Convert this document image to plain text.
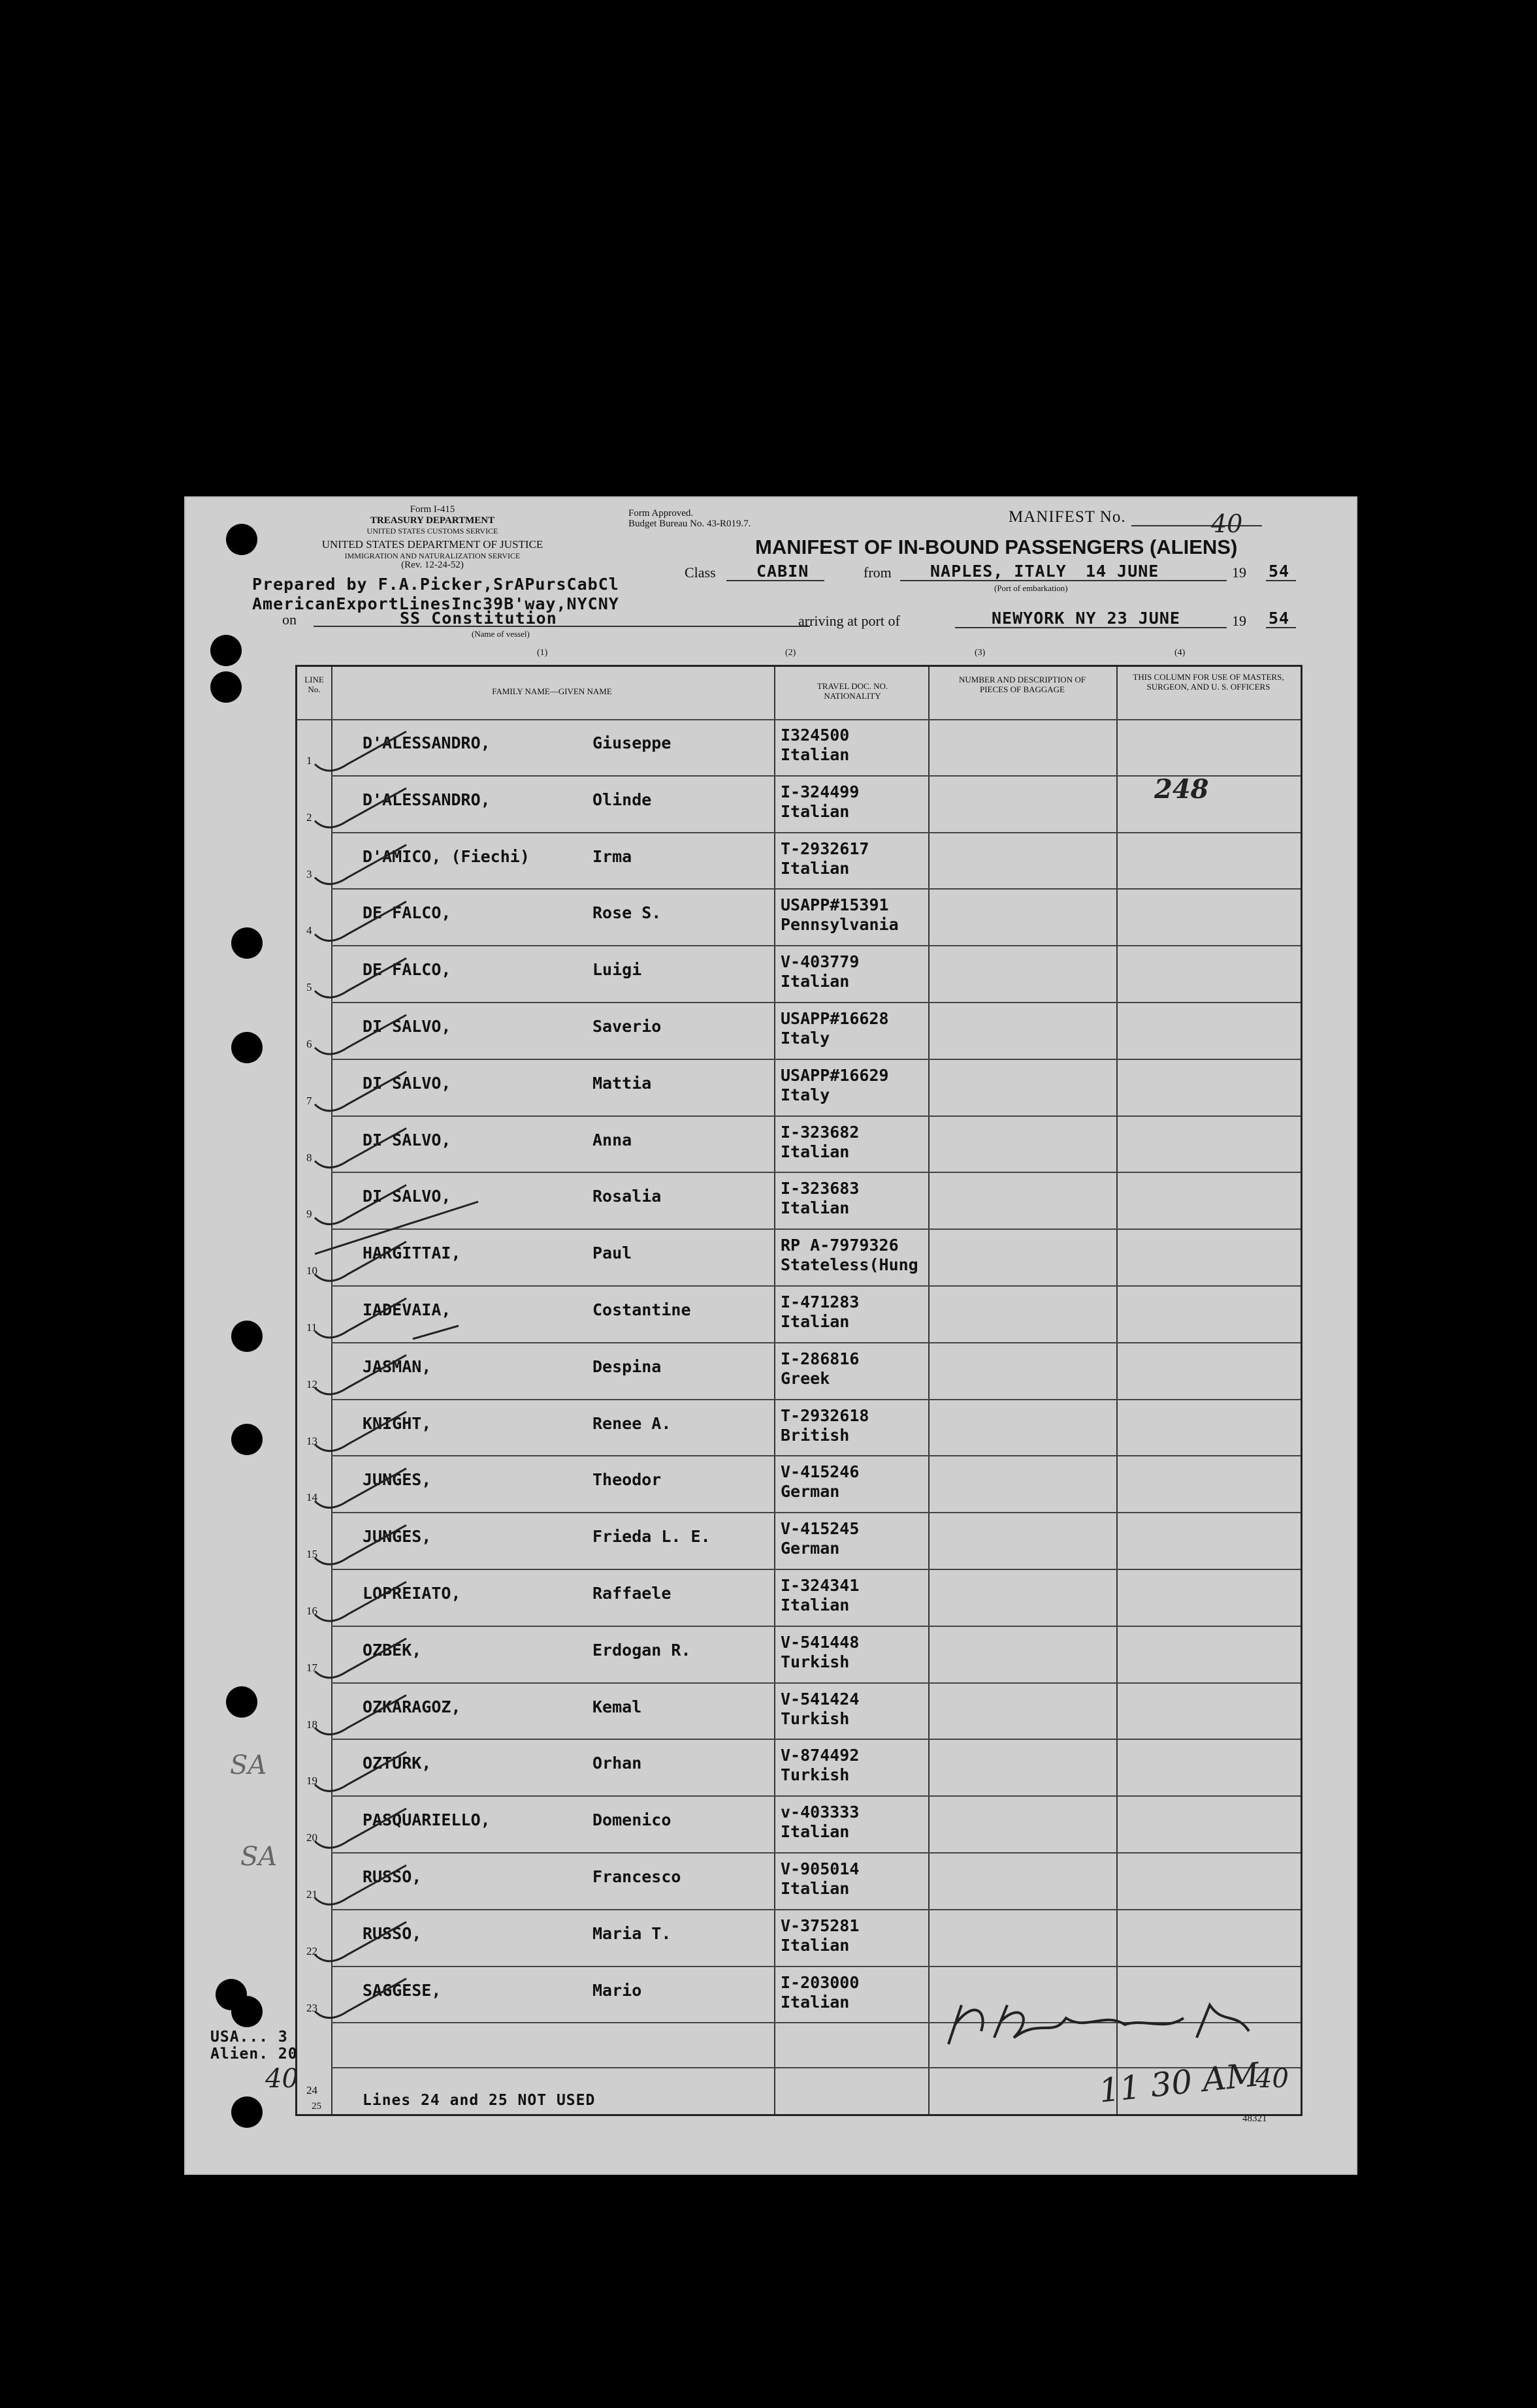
Form I-415
TREASURY DEPARTMENT
UNITED STATES CUSTOMS SERVICE
UNITED STATES DEPARTMENT OF JUSTICE
IMMIGRATION AND NATURALIZATION SERVICE
(Rev. 12-24-52)
Form Approved.
Budget Bureau No. 43-R019.7.	MANIFEST No.	40
MANIFEST OF IN-BOUND PASSENGERS (ALIENS)
Prepared by F.A.Picker,SrAPursCabCl
AmericanExportLinesInc39B'way,NYCNY
on	SS Constitution
(Name of vessel)
Class CABIN	from NAPLES, ITALY 14 JUNE	19 54
(Port of embarkation)
arriving at port of	NEWYORK NY 23 JUNE	19 54
(1)	(2)	(3)	(4)
LINE No.	FAMILY NAME—GIVEN NAME
TRAVEL DOC. NO. NATIONALITY
NUMBER AND DESCRIPTION OF PIECES OF BAGGAGE
THIS COLUMN FOR USE OF MASTERS, SURGEON, AND U. S. OFFICERS
1
D'ALESSANDRO,	Giuseppe	I324500
Italian
2
D'ALESSANDRO,	Olinde	I-324499
Italian
3
D'AMICO, (Fiechi)	Irma	T-2932617
Italian
4
DE FALCO,	Rose S.	USAPP#15391
Pennsylvania
5
DE FALCO,	Luigi	V-403779
Italian
6
DI SALVO,	Saverio	USAPP#16628
Italy
7
DI SALVO,	Mattia	USAPP#16629
Italy
8
DI SALVO,	Anna	I-323682
Italian
9
DI SALVO,	Rosalia	I-323683
Italian
10
HARGITTAI,	Paul	RP A-7979326
Stateless(Hung
11
IADEVAIA,	Costantine	I-471283
Italian
12
JASMAN,	Despina	I-286816
Greek
13
KNIGHT,	Renee A.	T-2932618
British
14
JUNGES,	Theodor	V-415246
German
15
JUNGES,	Frieda L. E.	V-415245
German
16
LOPREIATO,	Raffaele	I-324341
Italian
17
OZBEK,	Erdogan R.	V-541448
Turkish
18
OZKARAGOZ,	Kemal	V-541424
Turkish
19
OZTURK,	Orhan	V-874492
Turkish
20
PASQUARIELLO,	Domenico	v-403333
Italian
21
RUSSO,	Francesco	V-905014
Italian
22
RUSSO,	Maria T.	V-375281
Italian
23
SAGGESE,	Mario	I-203000
Italian
24
25	Lines 24 and 25 NOT USED
248
SA
SA
USA... 3
Alien. 20
40	40
11 30 AM
48321
